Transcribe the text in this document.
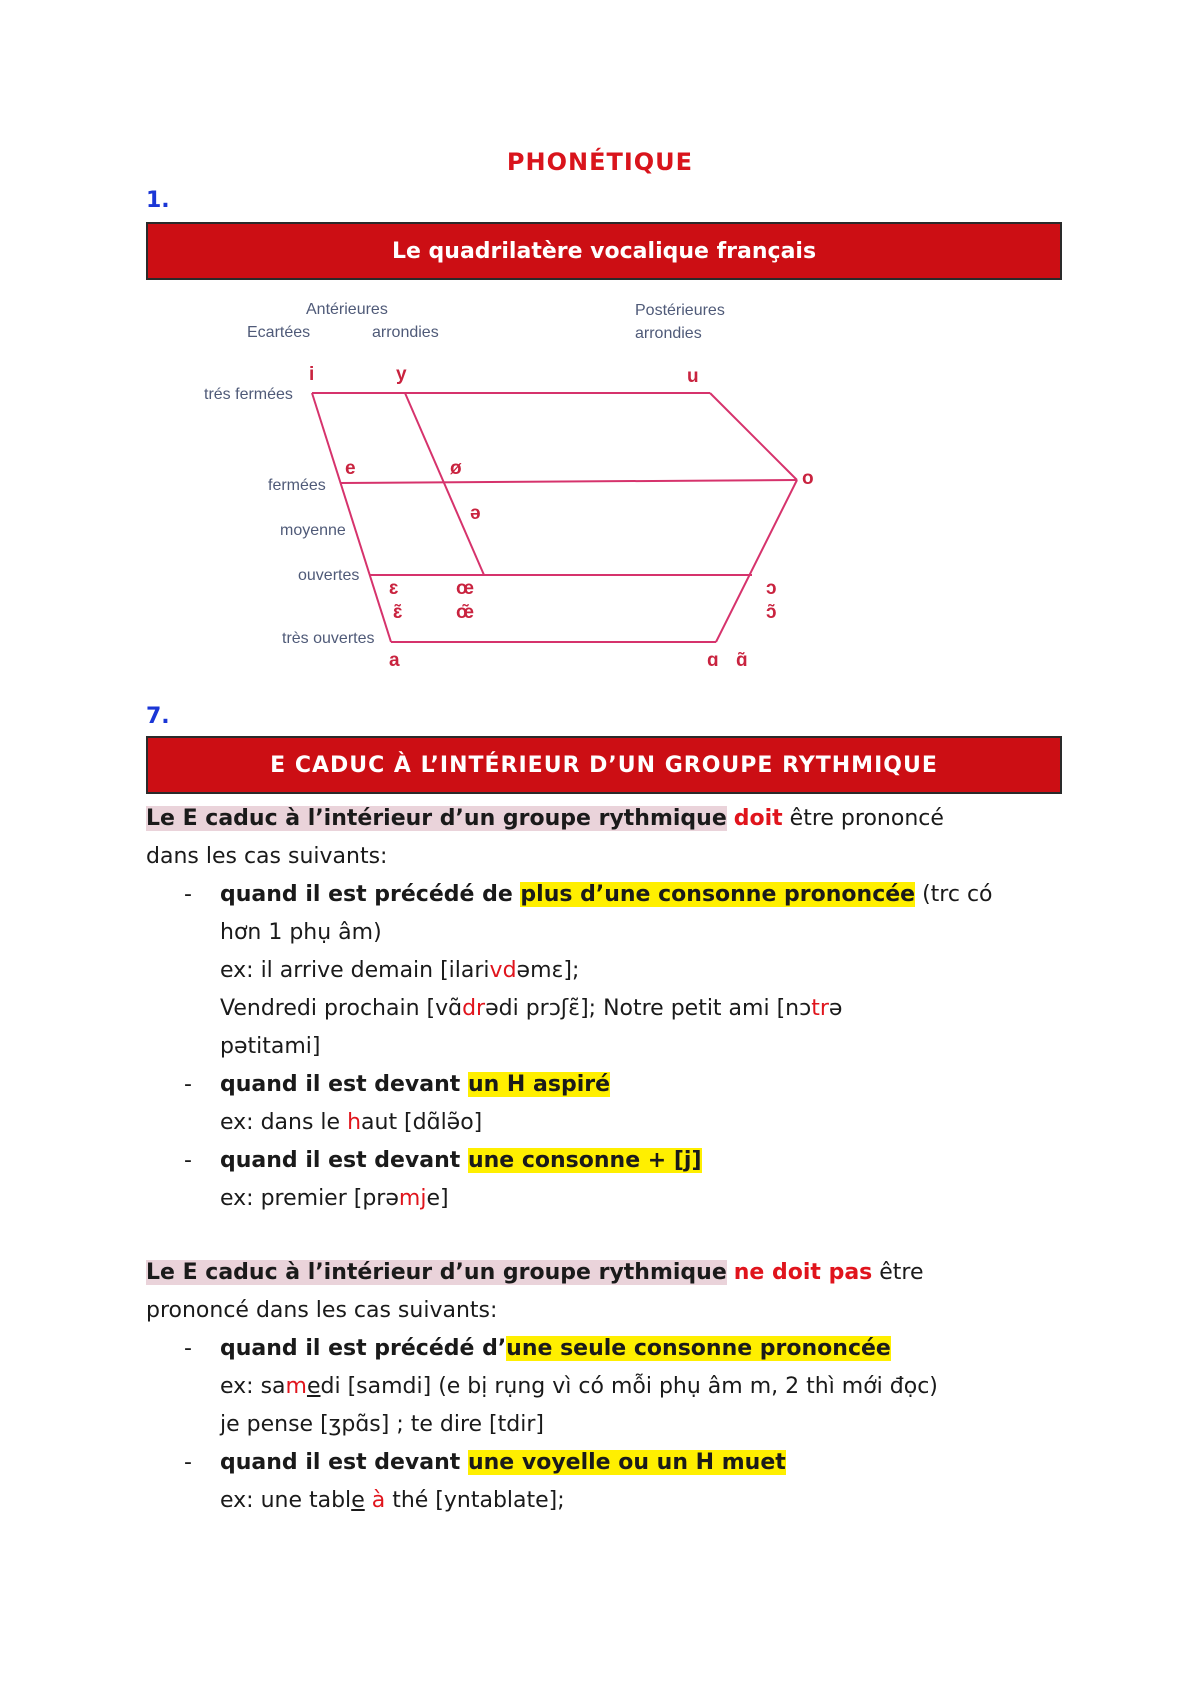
PHONÉTIQUE
1.
Le quadrilatère vocalique français
Antérieures
Ecartées	arrondies
Postérieures
arrondies
trés fermées
fermées
moyenne
ouvertes
très ouvertes
i	y	u
e	ø	o
ə
ɛ
ɛ̃
œ
œ̃
ɔ
ɔ̃
a	ɑ ɑ̃
7.
E CADUC À L’INTÉRIEUR D’UN GROUPE RYTHMIQUE
Le E caduc à l’intérieur d’un groupe rythmique doit être prononcé
dans les cas suivants:
- quand il est précédé de plus d’une consonne prononcée (trc có
hơn 1 phụ âm)
ex: il arrive demain [ilarivdəmɛ];
Vendredi prochain [vɑ̃drədi prɔʃɛ̃]; Notre petit ami [nɔtrə
pətitami]
- quand il est devant un H aspiré
ex: dans le haut [dɑ̃lə̃o]
- quand il est devant une consonne + [j]
ex: premier [prəmje]
Le E caduc à l’intérieur d’un groupe rythmique ne doit pas être
prononcé dans les cas suivants:
- quand il est précédé d’une seule consonne prononcée
ex: samedi [samdi] (e bị rụng vì có mỗi phụ âm m, 2 thì mới đọc)
je pense [ʒpɑ̃s] ; te dire [tdir]
- quand il est devant une voyelle ou un H muet
ex: une table à thé [yntablate];
